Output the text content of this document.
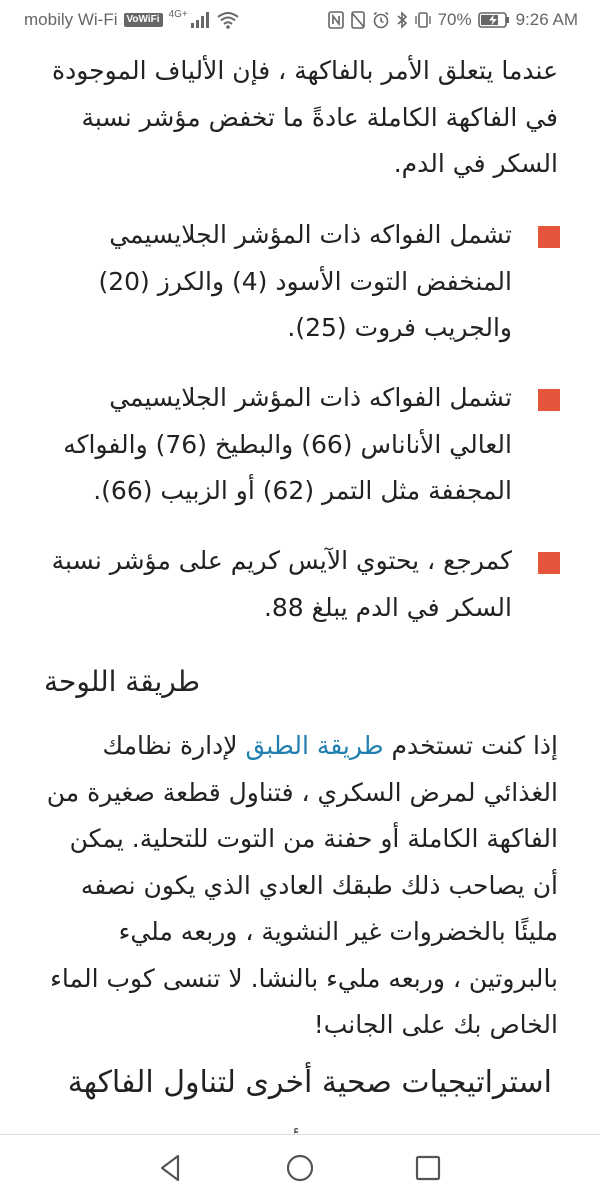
mobily Wi-Fi VoWiFi 4G+	70%	9:26 AM

عندما يتعلق الأمر بالفاكهة ، فإن الألياف الموجودة في الفاكهة الكاملة عادةً ما تخفض مؤشر نسبة السكر في الدم.

تشمل الفواكه ذات المؤشر الجلايسيمي المنخفض التوت الأسود (4) والكرز (20) والجريب فروت (25).
تشمل الفواكه ذات المؤشر الجلايسيمي العالي الأناناس (66) والبطيخ (76) والفواكه المجففة مثل التمر (62) أو الزبيب (66).
كمرجع ، يحتوي الآيس كريم على مؤشر نسبة السكر في الدم يبلغ 88.
طريقة اللوحة

إذا كنت تستخدم طريقة الطبق لإدارة نظامك الغذائي لمرض السكري ، فتناول قطعة صغيرة من الفاكهة الكاملة أو حفنة من التوت للتحلية. يمكن أن يصاحب ذلك طبقك العادي الذي يكون نصفه مليئًا بالخضروات غير النشوية ، وربعه مليء بالبروتين ، وربعه مليء بالنشا. لا تنسى كوب الماء الخاص بك على الجانب!

استراتيجيات صحية أخرى لتناول الفاكهة
